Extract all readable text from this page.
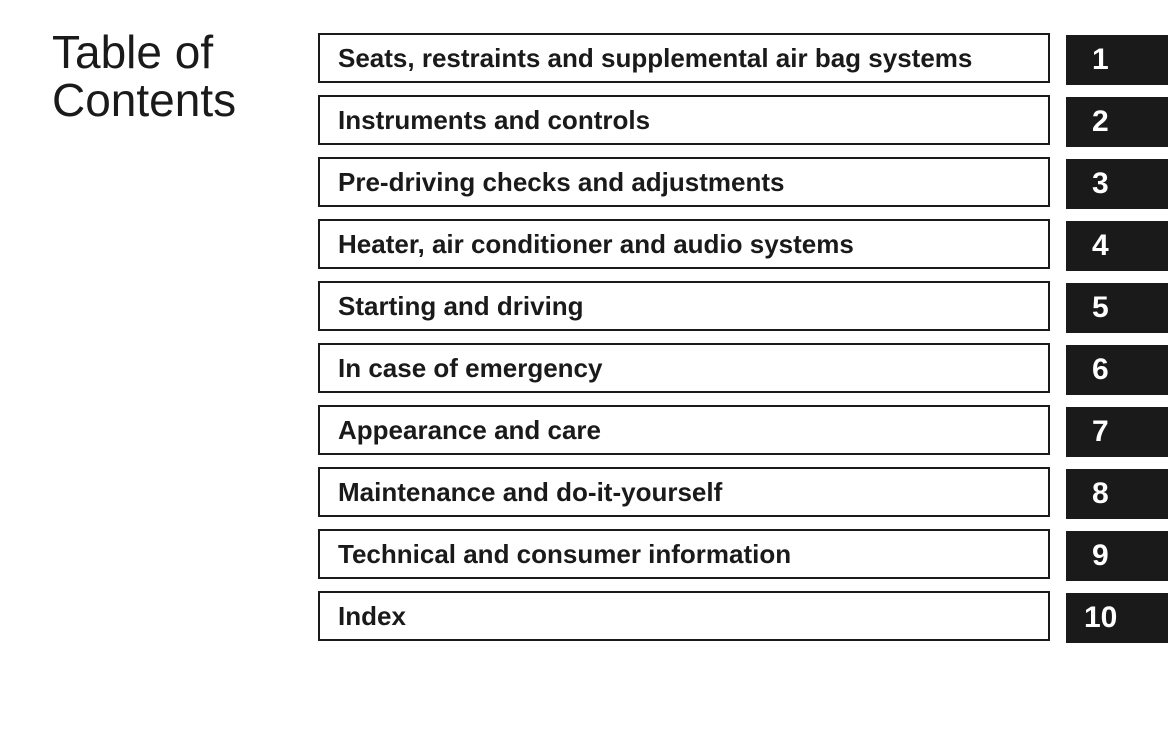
Table of
Contents
Seats, restraints and supplemental air bag systems	1
Instruments and controls	2
Pre-driving checks and adjustments	3
Heater, air conditioner and audio systems	4
Starting and driving	5
In case of emergency	6
Appearance and care	7
Maintenance and do-it-yourself	8
Technical and consumer information	9
Index	10
